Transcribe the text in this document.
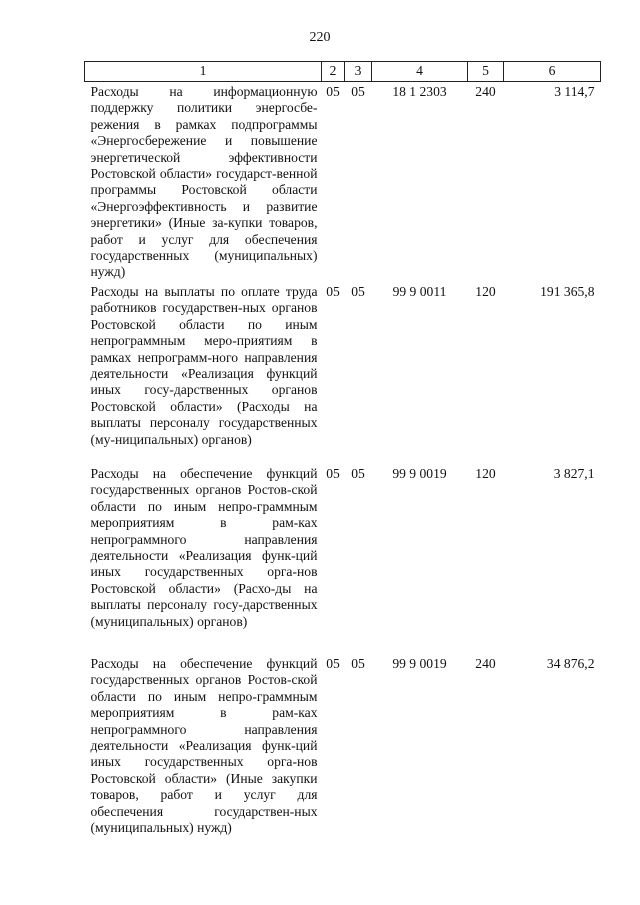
220
1	2	3	4	5	6
Расходы на информационную поддержку политики энергосбе-режения в рамках подпрограммы «Энергосбережение и повышение энергетической эффективности Ростовской области» государст-венной программы Ростовской области «Энергоэффективность и развитие энергетики» (Иные за-купки товаров, работ и услуг для обеспечения государственных (муниципальных) нужд)	05	05	18 1 2303	240	3 114,7
Расходы на выплаты по оплате труда работников государствен-ных органов Ростовской области по иным непрограммным меро-приятиям в рамках непрограмм-ного направления деятельности «Реализация функций иных госу-дарственных органов Ростовской области» (Расходы на выплаты персоналу государственных (му-ниципальных) органов)	05	05	99 9 0011	120	191 365,8
Расходы на обеспечение функций государственных органов Ростов-ской области по иным непро-граммным мероприятиям в рам-ках непрограммного направления деятельности «Реализация функ-ций иных государственных орга-нов Ростовской области» (Расхо-ды на выплаты персоналу госу-дарственных (муниципальных) органов)	05	05	99 9 0019	120	3 827,1
Расходы на обеспечение функций государственных органов Ростов-ской области по иным непро-граммным мероприятиям в рам-ках непрограммного направления деятельности «Реализация функ-ций иных государственных орга-нов Ростовской области» (Иные закупки товаров, работ и услуг для обеспечения государствен-ных (муниципальных) нужд)	05	05	99 9 0019	240	34 876,2
